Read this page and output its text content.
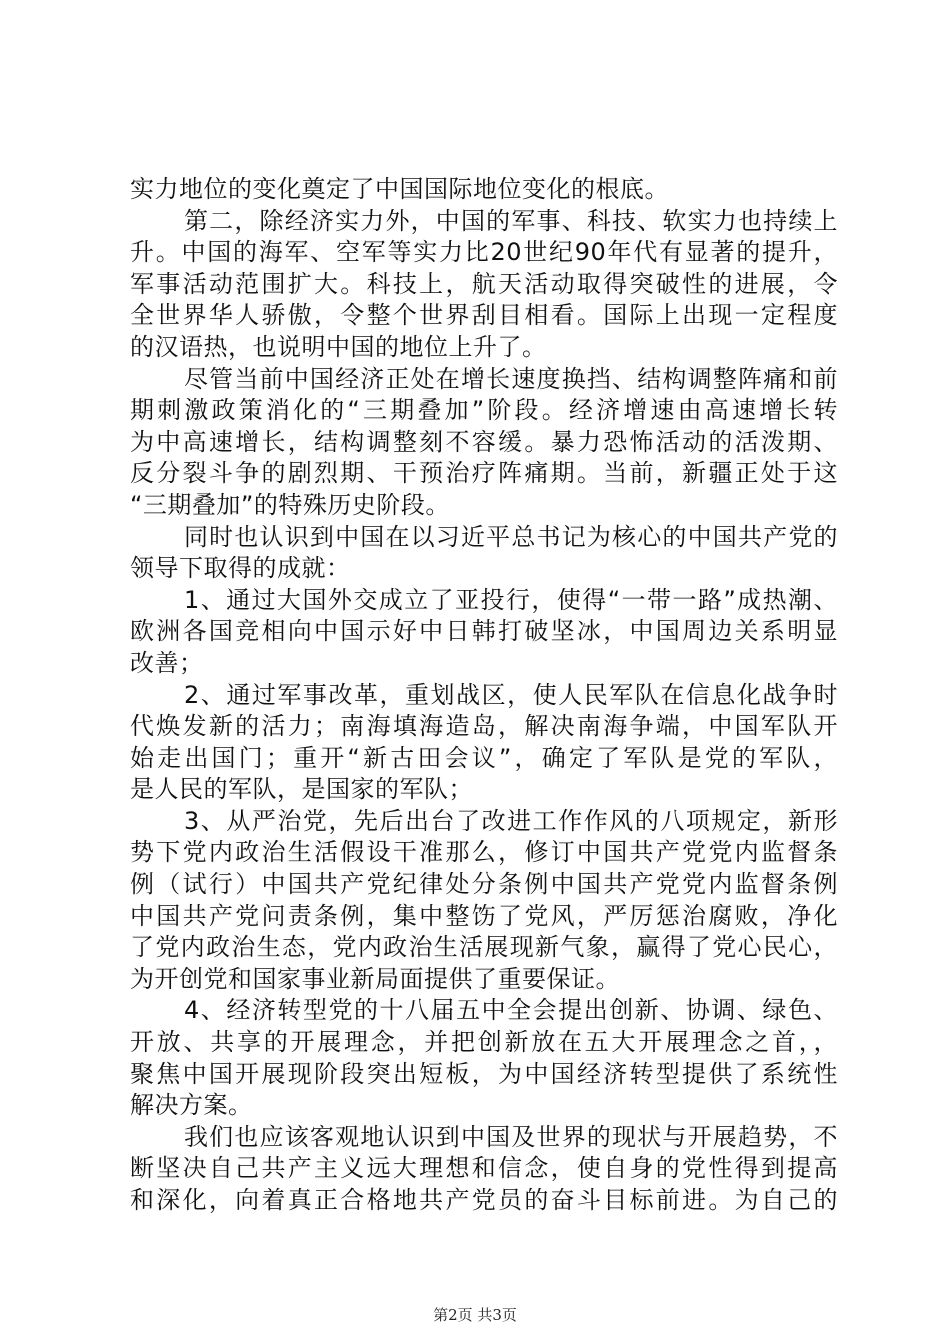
实力地位的变化奠定了中国国际地位变化的根底。
第二，除经济实力外，中国的军事、科技、软实力也持续上
升。中国的海军、空军等实力比20世纪90年代有显著的提升，
军事活动范围扩大。科技上，航天活动取得突破性的进展，令
全世界华人骄傲，令整个世界刮目相看。国际上出现一定程度
的汉语热，也说明中国的地位上升了。
尽管当前中国经济正处在增长速度换挡、结构调整阵痛和前
期刺激政策消化的“三期叠加”阶段。经济增速由高速增长转
为中高速增长，结构调整刻不容缓。暴力恐怖活动的活泼期、
反分裂斗争的剧烈期、干预治疗阵痛期。当前，新疆正处于这
“三期叠加”的特殊历史阶段。
同时也认识到中国在以习近平总书记为核心的中国共产党的
领导下取得的成就：
1、通过大国外交成立了亚投行，使得“一带一路”成热潮、
欧洲各国竞相向中国示好中日韩打破坚冰，中国周边关系明显
改善；
2、通过军事改革，重划战区，使人民军队在信息化战争时
代焕发新的活力；南海填海造岛，解决南海争端，中国军队开
始走出国门；重开“新古田会议”，确定了军队是党的军队，
是人民的军队，是国家的军队；
3、从严治党，先后出台了改进工作作风的八项规定，新形
势下党内政治生活假设干准那么，修订中国共产党党内监督条
例（试行）中国共产党纪律处分条例中国共产党党内监督条例
中国共产党问责条例，集中整饬了党风，严厉惩治腐败，净化
了党内政治生态，党内政治生活展现新气象，赢得了党心民心，
为开创党和国家事业新局面提供了重要保证。
4、经济转型党的十八届五中全会提出创新、协调、绿色、
开放、共享的开展理念，并把创新放在五大开展理念之首，，
聚焦中国开展现阶段突出短板，为中国经济转型提供了系统性
解决方案。
我们也应该客观地认识到中国及世界的现状与开展趋势，不
断坚决自己共产主义远大理想和信念，使自身的党性得到提高
和深化，向着真正合格地共产党员的奋斗目标前进。为自己的
第2页 共3页
